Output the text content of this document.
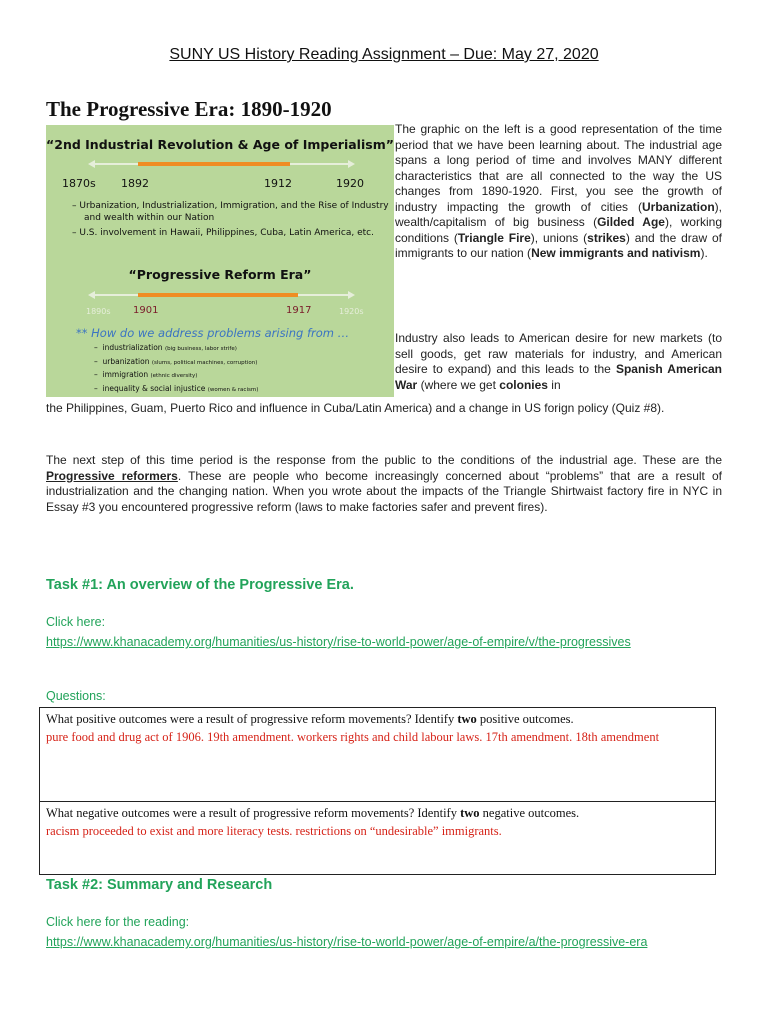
SUNY US History Reading Assignment – Due: May 27, 2020
The Progressive Era: 1890-1920
“2nd Industrial Revolution & Age of Imperialism”
1870s 1892	1912	1920
– Urbanization, Industrialization, Immigration, and the Rise of Industry and wealth within our Nation
– U.S. involvement in Hawaii, Philippines, Cuba, Latin America, etc.
“Progressive Reform Era”
1890s 1901	1917	1920s
** How do we address problems arising from …
–  industrialization (big business, labor strife)
–  urbanization (slums, political machines, corruption)
–  immigration (ethnic diversity)
–  inequality & social injustice (women & racism)
The graphic on the left is a good representation of the time period that we have been learning about. The industrial age spans a long period of time and involves MANY different characteristics that are all connected to the way the US changes from 1890-1920. First, you see the growth of industry impacting the growth of cities (Urbanization), wealth/capitalism of big business (Gilded Age), working conditions (Triangle Fire), unions (strikes) and the draw of immigrants to our nation (New immigrants and nativism).
Industry also leads to American desire for new markets (to sell goods, get raw materials for industry, and American desire to expand) and this leads to the Spanish American War (where we get colonies in
the Philippines, Guam, Puerto Rico and influence in Cuba/Latin America) and a change in US forign policy (Quiz #8).
The next step of this time period is the response from the public to the conditions of the industrial age. These are the Progressive reformers. These are people who become increasingly concerned about “problems” that are a result of industrialization and the changing nation. When you wrote about the impacts of the Triangle Shirtwaist factory fire in NYC in Essay #3 you encountered progressive reform (laws to make factories safer and prevent fires).
Task #1: An overview of the Progressive Era.
Click here:
https://www.khanacademy.org/humanities/us-history/rise-to-world-power/age-of-empire/v/the-progressives
Questions:
What positive outcomes were a result of progressive reform movements? Identify two positive outcomes.
pure food and drug act of 1906. 19th amendment. workers rights and child labour laws. 17th amendment. 18th amendment
What negative outcomes were a result of progressive reform movements? Identify two negative outcomes.
racism proceeded to exist and more literacy tests. restrictions on “undesirable” immigrants.
Task #2: Summary and Research
Click here for the reading:
https://www.khanacademy.org/humanities/us-history/rise-to-world-power/age-of-empire/a/the-progressive-era
